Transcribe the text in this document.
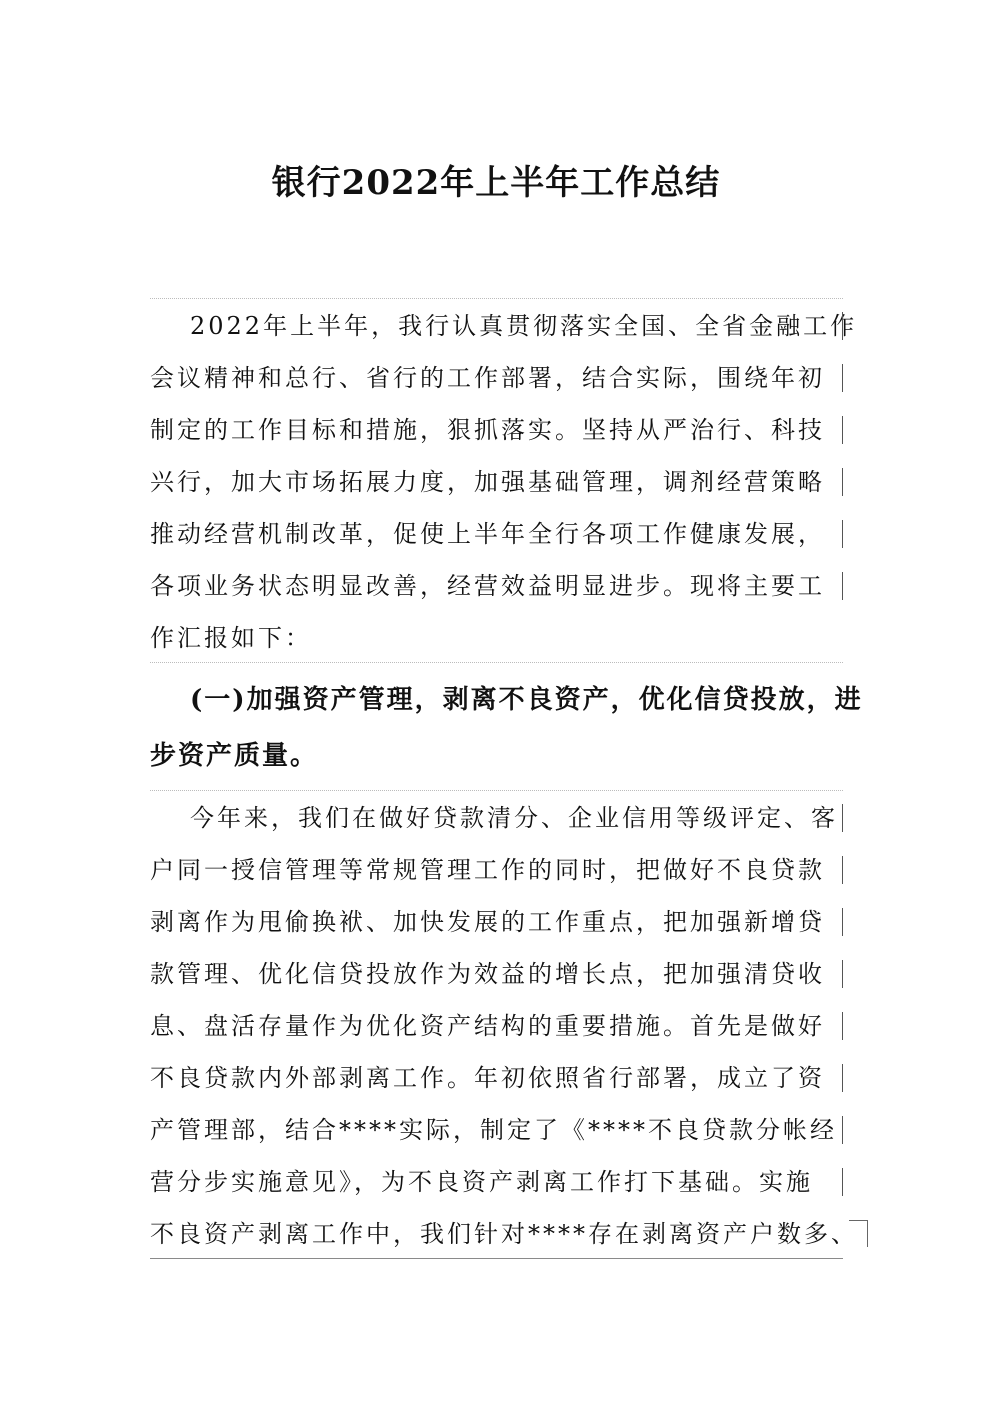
银行2022年上半年工作总结
2022年上半年，我行认真贯彻落实全国、全省金融工作
会议精神和总行、省行的工作部署，结合实际，围绕年初
制定的工作目标和措施，狠抓落实。坚持从严治行、科技
兴行，加大市场拓展力度，加强基础管理，调剂经营策略
推动经营机制改革，促使上半年全行各项工作健康发展，
各项业务状态明显改善，经营效益明显进步。现将主要工
作汇报如下：
(一)加强资产管理，剥离不良资产，优化信贷投放，进
步资产质量。
今年来，我们在做好贷款清分、企业信用等级评定、客
户同一授信管理等常规管理工作的同时，把做好不良贷款
剥离作为甩偷换袱、加快发展的工作重点，把加强新增贷
款管理、优化信贷投放作为效益的增长点，把加强清贷收
息、盘活存量作为优化资产结构的重要措施。首先是做好
不良贷款内外部剥离工作。年初依照省行部署，成立了资
产管理部，结合****实际，制定了《****不良贷款分帐经
营分步实施意见》，为不良资产剥离工作打下基础。实施
不良资产剥离工作中，我们针对****存在剥离资产户数多、
